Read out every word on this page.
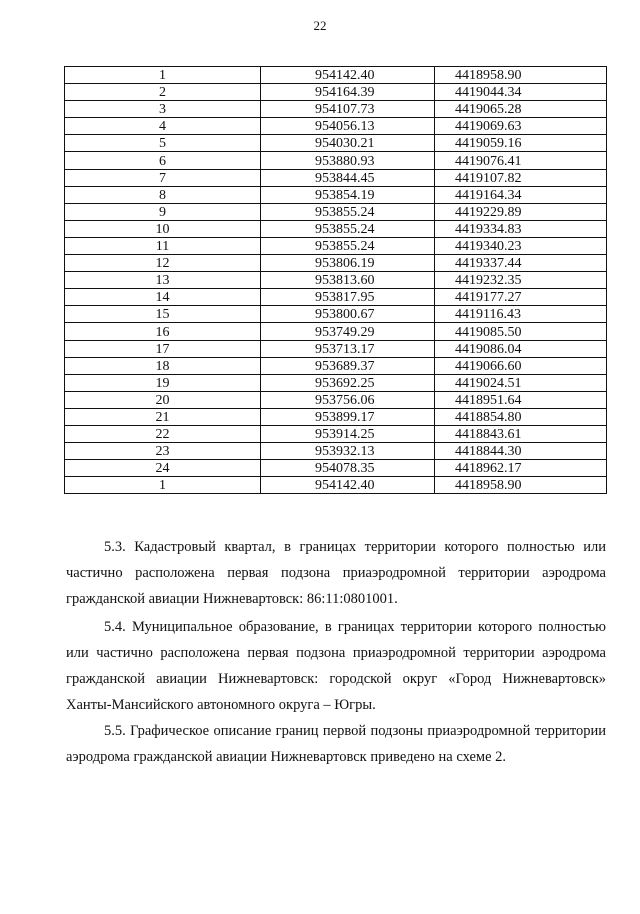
22
1	954142.40	4418958.90
2	954164.39	4419044.34
3	954107.73	4419065.28
4	954056.13	4419069.63
5	954030.21	4419059.16
6	953880.93	4419076.41
7	953844.45	4419107.82
8	953854.19	4419164.34
9	953855.24	4419229.89
10	953855.24	4419334.83
11	953855.24	4419340.23
12	953806.19	4419337.44
13	953813.60	4419232.35
14	953817.95	4419177.27
15	953800.67	4419116.43
16	953749.29	4419085.50
17	953713.17	4419086.04
18	953689.37	4419066.60
19	953692.25	4419024.51
20	953756.06	4418951.64
21	953899.17	4418854.80
22	953914.25	4418843.61
23	953932.13	4418844.30
24	954078.35	4418962.17
1	954142.40	4418958.90

5.3. Кадастровый квартал, в границах территории которого полностью или частично расположена первая подзона приаэродромной территории аэродрома гражданской авиации Нижневартовск: 86:11:0801001.

5.4. Муниципальное образование, в границах территории которого полностью или частично расположена первая подзона приаэродромной территории аэродрома гражданской авиации Нижневартовск: городской округ «Город Нижневартовск» Ханты-Мансийского автономного округа – Югры.

5.5. Графическое описание границ первой подзоны приаэродромной территории аэродрома гражданской авиации Нижневартовск приведено на схеме 2.
